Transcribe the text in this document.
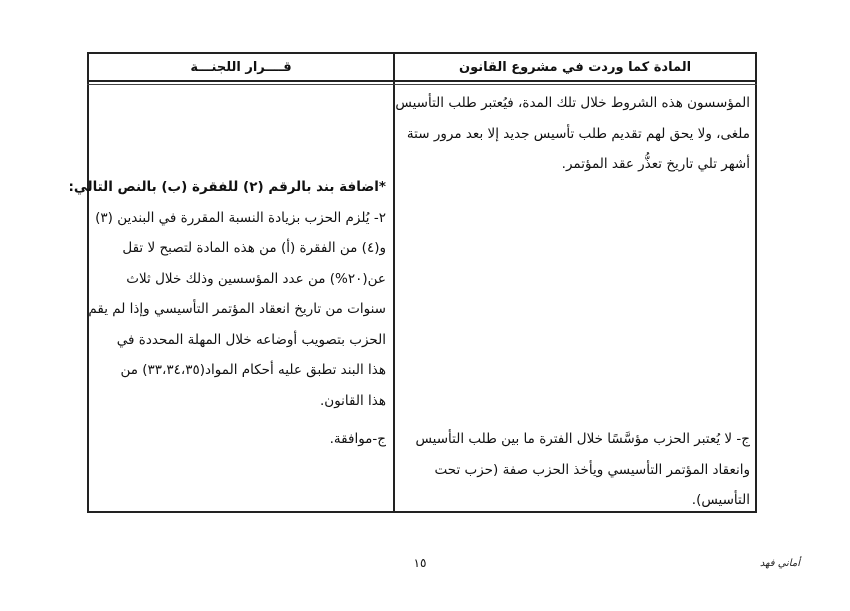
المادة كما وردت في مشروع القانون
قــــرار اللجنـــة
المؤسسون هذه الشروط خلال تلك المدة، فيُعتبر طلب التأسيس
ملغى، ولا يحق لهم تقديم طلب تأسيس جديد إلا بعد مرور ستة
أشهر تلي تاريخ تعذُّر عقد المؤتمر.
*اضافة بند بالرقم (٢) للفقرة (ب) بالنص التالي:
٢- يُلزم الحزب بزيادة النسبة المقررة في البندين (٣)
و(٤) من الفقرة (أ) من هذه المادة لتصبح لا تقل
عن(٢٠%) من عدد المؤسسين وذلك خلال ثلاث
سنوات من تاريخ انعقاد المؤتمر التأسيسي وإذا لم يقم
الحزب بتصويب أوضاعه خلال المهلة المحددة في
هذا البند تطبق عليه أحكام المواد(٣٣،٣٤،٣٥) من
هذا القانون.
ج-موافقة.	ج- لا يُعتبر الحزب مؤسَّسًا خلال الفترة ما بين طلب التأسيس
وانعقاد المؤتمر التأسيسي ويأخذ الحزب صفة (حزب تحت
التأسيس).
١٥	أماني فهد
